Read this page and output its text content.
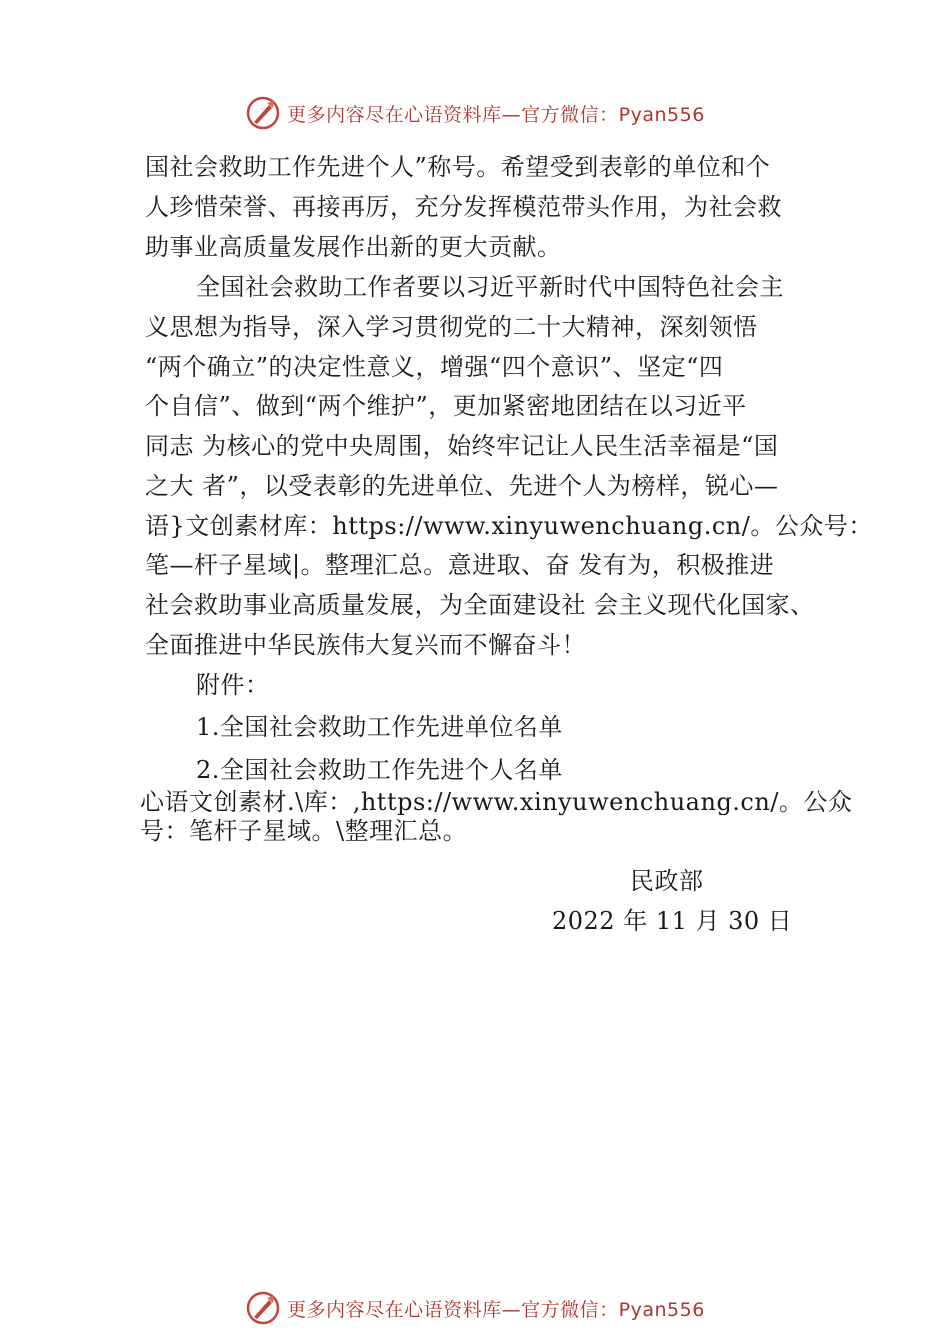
更多内容尽在心语资料库—官方微信：Pyan556
国社会救助工作先进个人”称号。希望受到表彰的单位和个
人珍惜荣誉、再接再厉，充分发挥模范带头作用，为社会救
助事业高质量发展作出新的更大贡献。
全国社会救助工作者要以习近平新时代中国特色社会主
义思想为指导，深入学习贯彻党的二十大精神，深刻领悟
“两个确立”的决定性意义，增强“四个意识”、坚定“四
个自信”、做到“两个维护”，更加紧密地团结在以习近平
同志 为核心的党中央周围，始终牢记让人民生活幸福是“国
之大 者”，以受表彰的先进单位、先进个人为榜样，锐心—
语}文创素材库：https://www.xinyuwenchuang.cn/。公众号：
笔—杆子星域|。整理汇总。意进取、奋 发有为，积极推进
社会救助事业高质量发展，为全面建设社 会主义现代化国家、
全面推进中华民族伟大复兴而不懈奋斗！
附件：
1.全国社会救助工作先进单位名单
2.全国社会救助工作先进个人名单
心语文创素材.\库：,https://www.xinyuwenchuang.cn/。公众
号：笔杆子星域。\整理汇总。
民政部
2022 年 11 月 30 日
更多内容尽在心语资料库—官方微信：Pyan556
